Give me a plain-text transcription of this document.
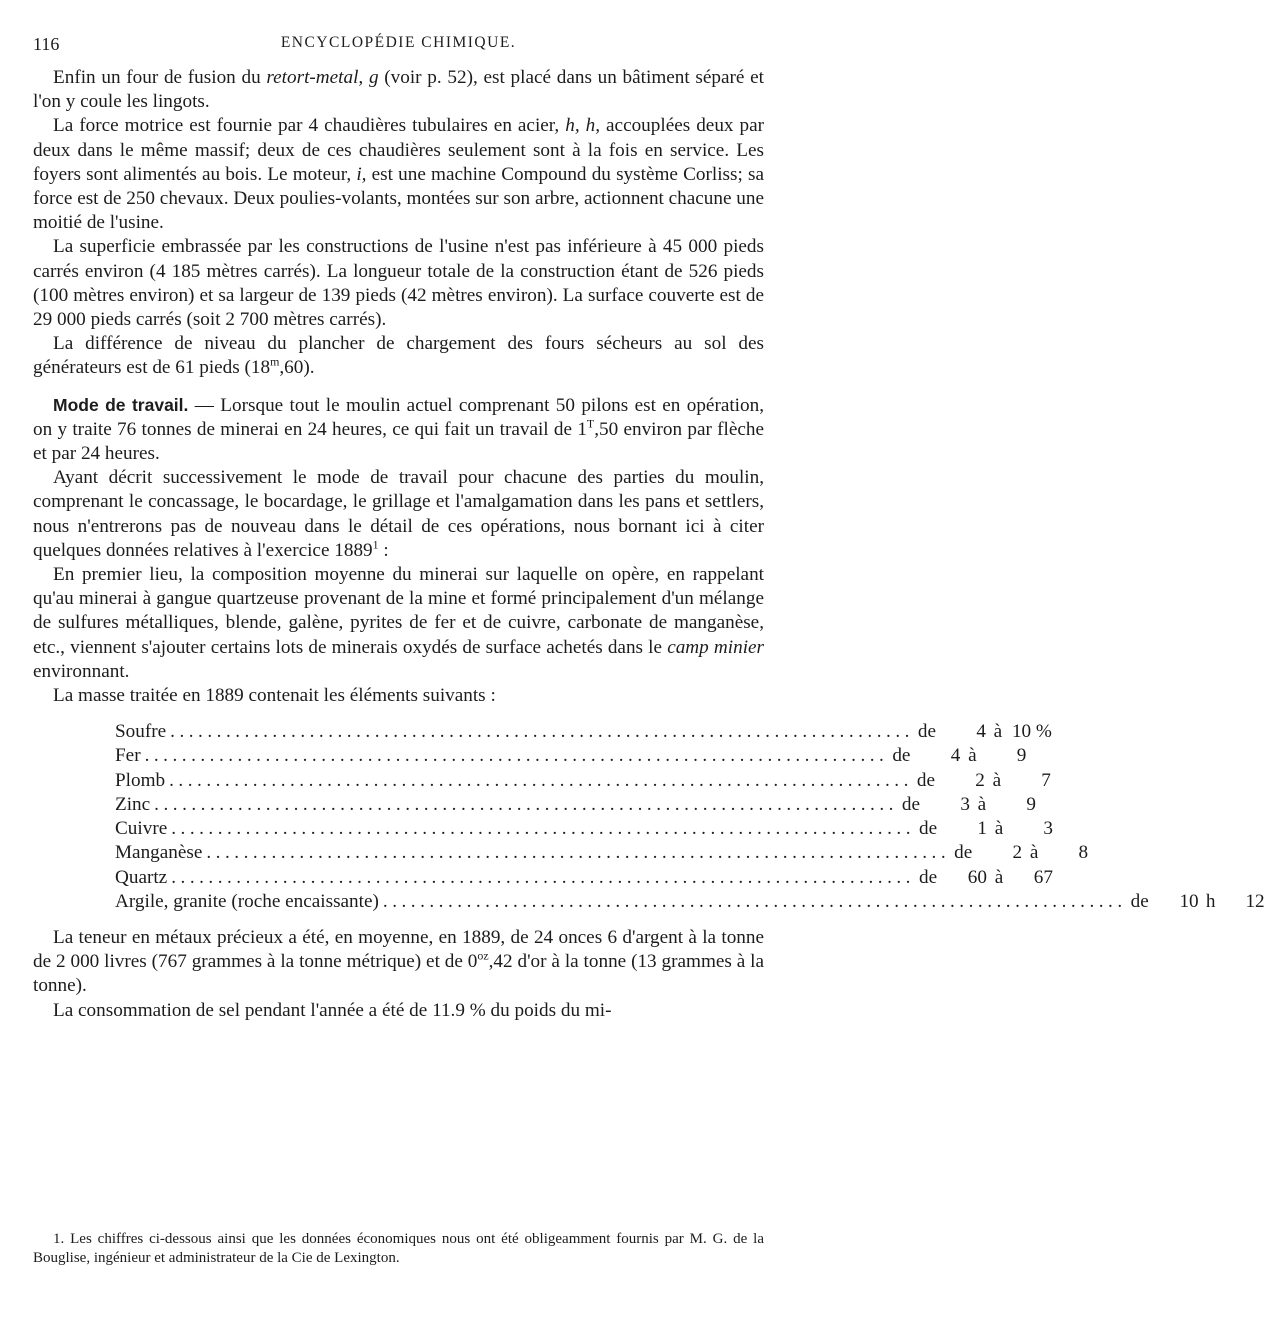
116	ENCYCLOPÉDIE CHIMIQUE.

Enfin un four de fusion du retort-metal, g (voir p. 52), est placé dans un bâtiment séparé et l'on y coule les lingots.

La force motrice est fournie par 4 chaudières tubulaires en acier, h, h, accouplées deux par deux dans le même massif; deux de ces chaudières seulement sont à la fois en service. Les foyers sont alimentés au bois. Le moteur, i, est une machine Compound du système Corliss; sa force est de 250 chevaux. Deux poulies-volants, montées sur son arbre, actionnent chacune une moitié de l'usine.

La superficie embrassée par les constructions de l'usine n'est pas inférieure à 45 000 pieds carrés environ (4 185 mètres carrés). La longueur totale de la construction étant de 526 pieds (100 mètres environ) et sa largeur de 139 pieds (42 mètres environ). La surface couverte est de 29 000 pieds carrés (soit 2 700 mètres carrés).

La différence de niveau du plancher de chargement des fours sécheurs au sol des générateurs est de 61 pieds (18$^m$,60).

Mode de travail. — Lorsque tout le moulin actuel comprenant 50 pilons est en opération, on y traite 76 tonnes de minerai en 24 heures, ce qui fait un travail de $1^T,50$ environ par flèche et par 24 heures.

Ayant décrit successivement le mode de travail pour chacune des parties du moulin, comprenant le concassage, le bocardage, le grillage et l'amalgamation dans les pans et settlers, nous n'entrerons pas de nouveau dans le détail de ces opérations, nous bornant ici à citer quelques données relatives à l'exercice 1889$^1$ :

En premier lieu, la composition moyenne du minerai sur laquelle on opère, en rappelant qu'au minerai à gangue quartzeuse provenant de la mine et formé principalement d'un mélange de sulfures métalliques, blende, galène, pyrites de fer et de cuivre, carbonate de manganèse, etc., viennent s'ajouter certains lots de minerais oxydés de surface achetés dans le camp minier environnant.

La masse traitée en 1889 contenait les éléments suivants :

Soufre ................................................................................ de 4 à 10 %
Fer ................................................................................ de 4 à 9
Plomb ................................................................................ de 2 à 7
Zinc ................................................................................ de 3 à 9
Cuivre ................................................................................ de 1 à 3
Manganèse ................................................................................ de 2 à 8
Quartz ................................................................................ de 60 à 67
Argile, granite (roche encaissante) ................................................................................ de 10 h 12

La teneur en métaux précieux a été, en moyenne, en 1889, de 24 onces 6 d'argent à la tonne de 2 000 livres (767 grammes à la tonne métrique) et de $0^{oz},42$ d'or à la tonne (13 grammes à la tonne).

La consommation de sel pendant l'année a été de 11.9 % du poids du mi-

1. Les chiffres ci-dessous ainsi que les données économiques nous ont été obligeamment fournis par M. G. de la Bouglise, ingénieur et administrateur de la Cie de Lexington.
